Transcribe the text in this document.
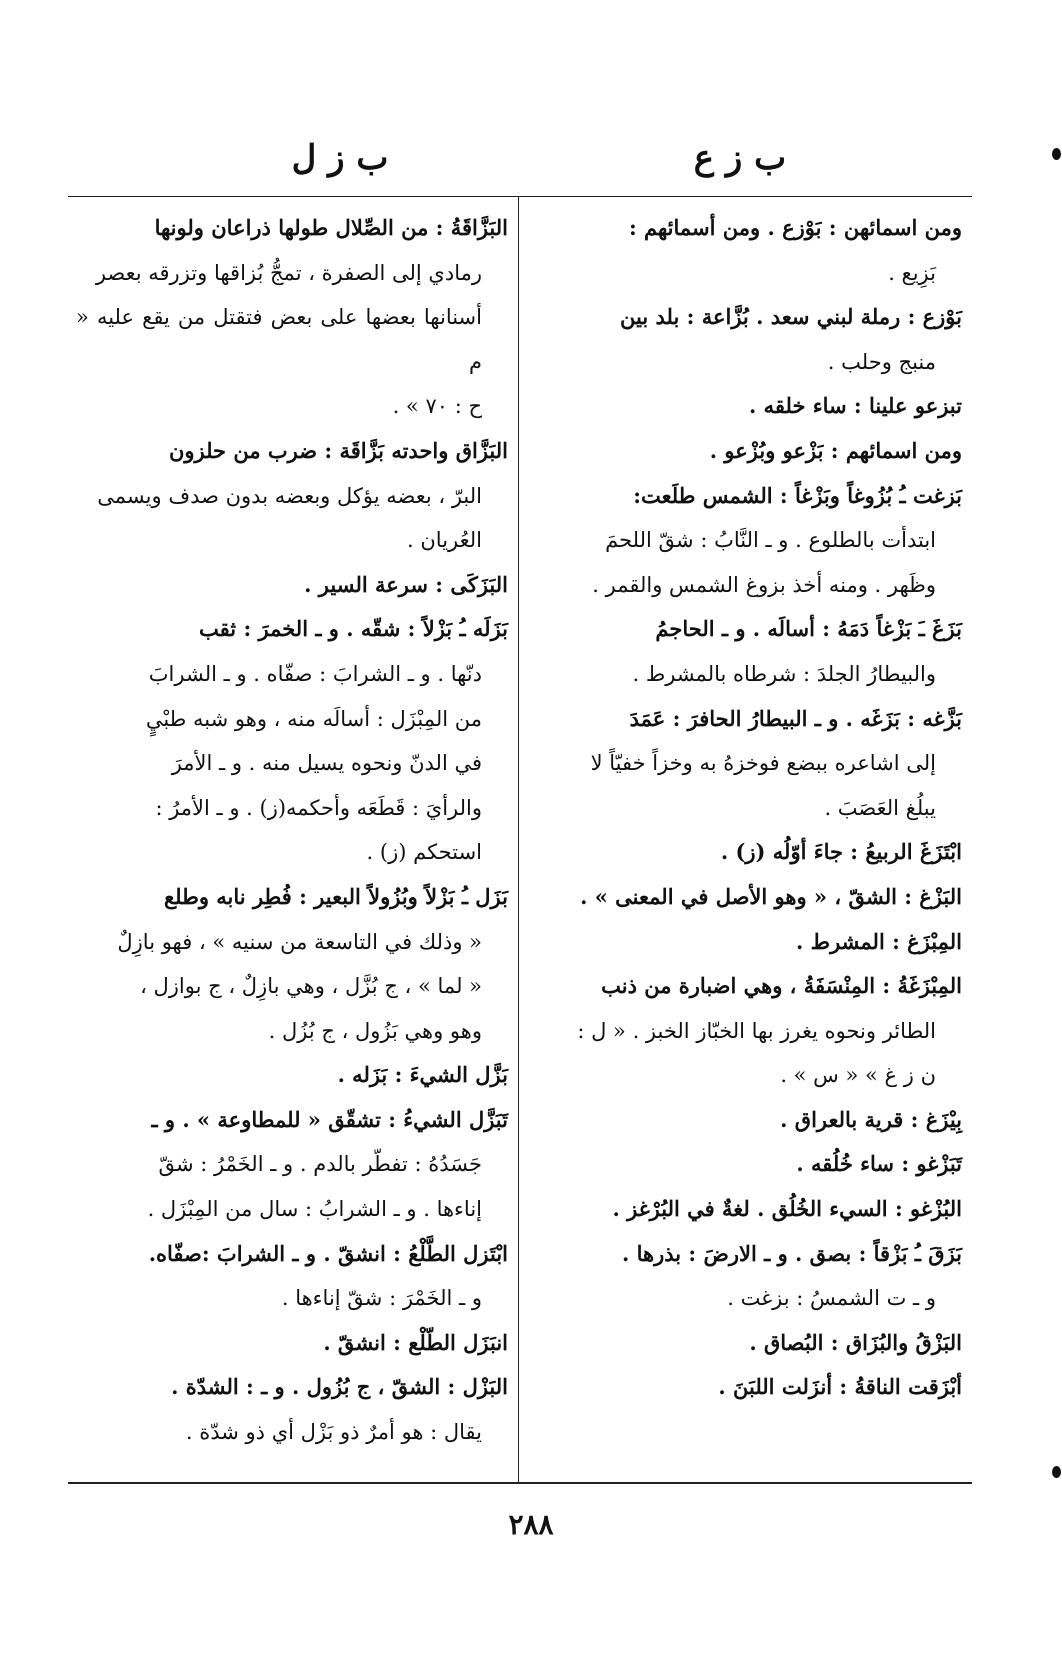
ب ز ع
ب ز ل
ومن اسمائهن : بَوْزع . ومن أسمائهم :
بَزِيع .
بَوْزع : رملة لبني سعد . بُزَّاعة : بلد بين
منبج وحلب .
تبزعو علينا : ساء خلقه .
ومن اسمائهم : بَزْعو وبُزْعو .
بَزغت ـُ بُزُوغاً وبَزْغاً : الشمس طلَعت:
ابتدأت بالطلوع . و ـ النَّابُ : شقّ اللحمَ
وظَهر . ومنه أخذ بزوغ الشمس والقمر .
بَزَغَ ـَ بَزْغاً دَمَهُ : أسالَه . و ـ الحاجمُ
والبيطارُ الجلدَ : شرطاه بالمشرط .
بَزَّغه : بَزَغَه . و ـ البيطارُ الحافرَ : عَمَدَ
إلى اشاعره ببضع فوخزهُ به وخزاً خفيّاً لا
يبلُغ العَصَبَ .
ابْتَزَغَ الربيعُ : جاءَ أوّلُه (ز) .
البَزْغ : الشقّ ، « وهو الأصل في المعنى » .
المِبْزَغ : المشرط .
المِبْزَغَةُ : المِنْسَفَةُ ، وهي اضبارة من ذنب
الطائر ونحوه يغرز بها الخبّاز الخبز . « ل :
ن ز غ » « س » .
بِيْزَغ : قرية بالعراق .
تَبَزْغو : ساء خُلُقه .
البُزْغو : السيء الخُلُق . لغةٌ في البُرْغز .
بَزَقَ ـُ بَزْقاً : بصق . و ـ الارضَ : بذرها .
و ـ ت الشمسُ : بزغت .
البَزْقُ والبُزَاق : البُصاق .
أبْزَقت الناقةُ : أنزَلت اللبَنَ .
البَزَّاقَةُ : من الصِّلال طولها ذراعان ولونها
رمادي إلى الصفرة ، تمجُّ بُزاقها وتزرقه بعصر
أسنانها بعضها على بعض فتقتل من يقع عليه « م
ح : ٧٠ » .
البَزَّاق واحدته بَزَّاقَة : ضرب من حلزون
البرّ ، بعضه يؤكل وبعضه بدون صدف ويسمى
العُريان .
البَزَكَى : سرعة السير .
بَزَلَه ـُ بَزْلاً : شقّه . و ـ الخمرَ : ثقب
دنّها . و ـ الشرابَ : صفّاه . و ـ الشرابَ
من المِبْزَل : أسالَه منه ، وهو شبه طبْيٍ
في الدنّ ونحوه يسيل منه . و ـ الأمرَ
والرأيَ : قَطَعَه وأحكمه(ز) . و ـ الأمرُ :
استحكم (ز) .
بَزَل ـُ بَزْلاً وبُزُولاً البعير : فُطِر نابه وطلع
« وذلك في التاسعة من سنيه » ، فهو بازِلٌ
« لما » ، ج بُزَّل ، وهي بازِلٌ ، ج بوازل ،
وهو وهي بَزُول ، ج بُزُل .
بَزَّل الشيءَ : بَزَله .
تَبَزَّل الشيءُ : تشقّق « للمطاوعة » . و ـ
جَسَدُهُ : تفطّر بالدم . و ـ الخَمْرُ : شقّ
إناءها . و ـ الشرابُ : سال من المِبْزَل .
ابْتَزل الطَّلْعُ : انشقّ . و ـ الشرابَ :صفّاه.
و ـ الخَمْرَ : شقّ إناءها .
انبَزَل الطّلْع : انشقّ .
البَزْل : الشقّ ، ج بُزُول . و ـ : الشدّة .
يقال : هو أمرٌ ذو بَزْل أي ذو شدّة .
٢٨٨
